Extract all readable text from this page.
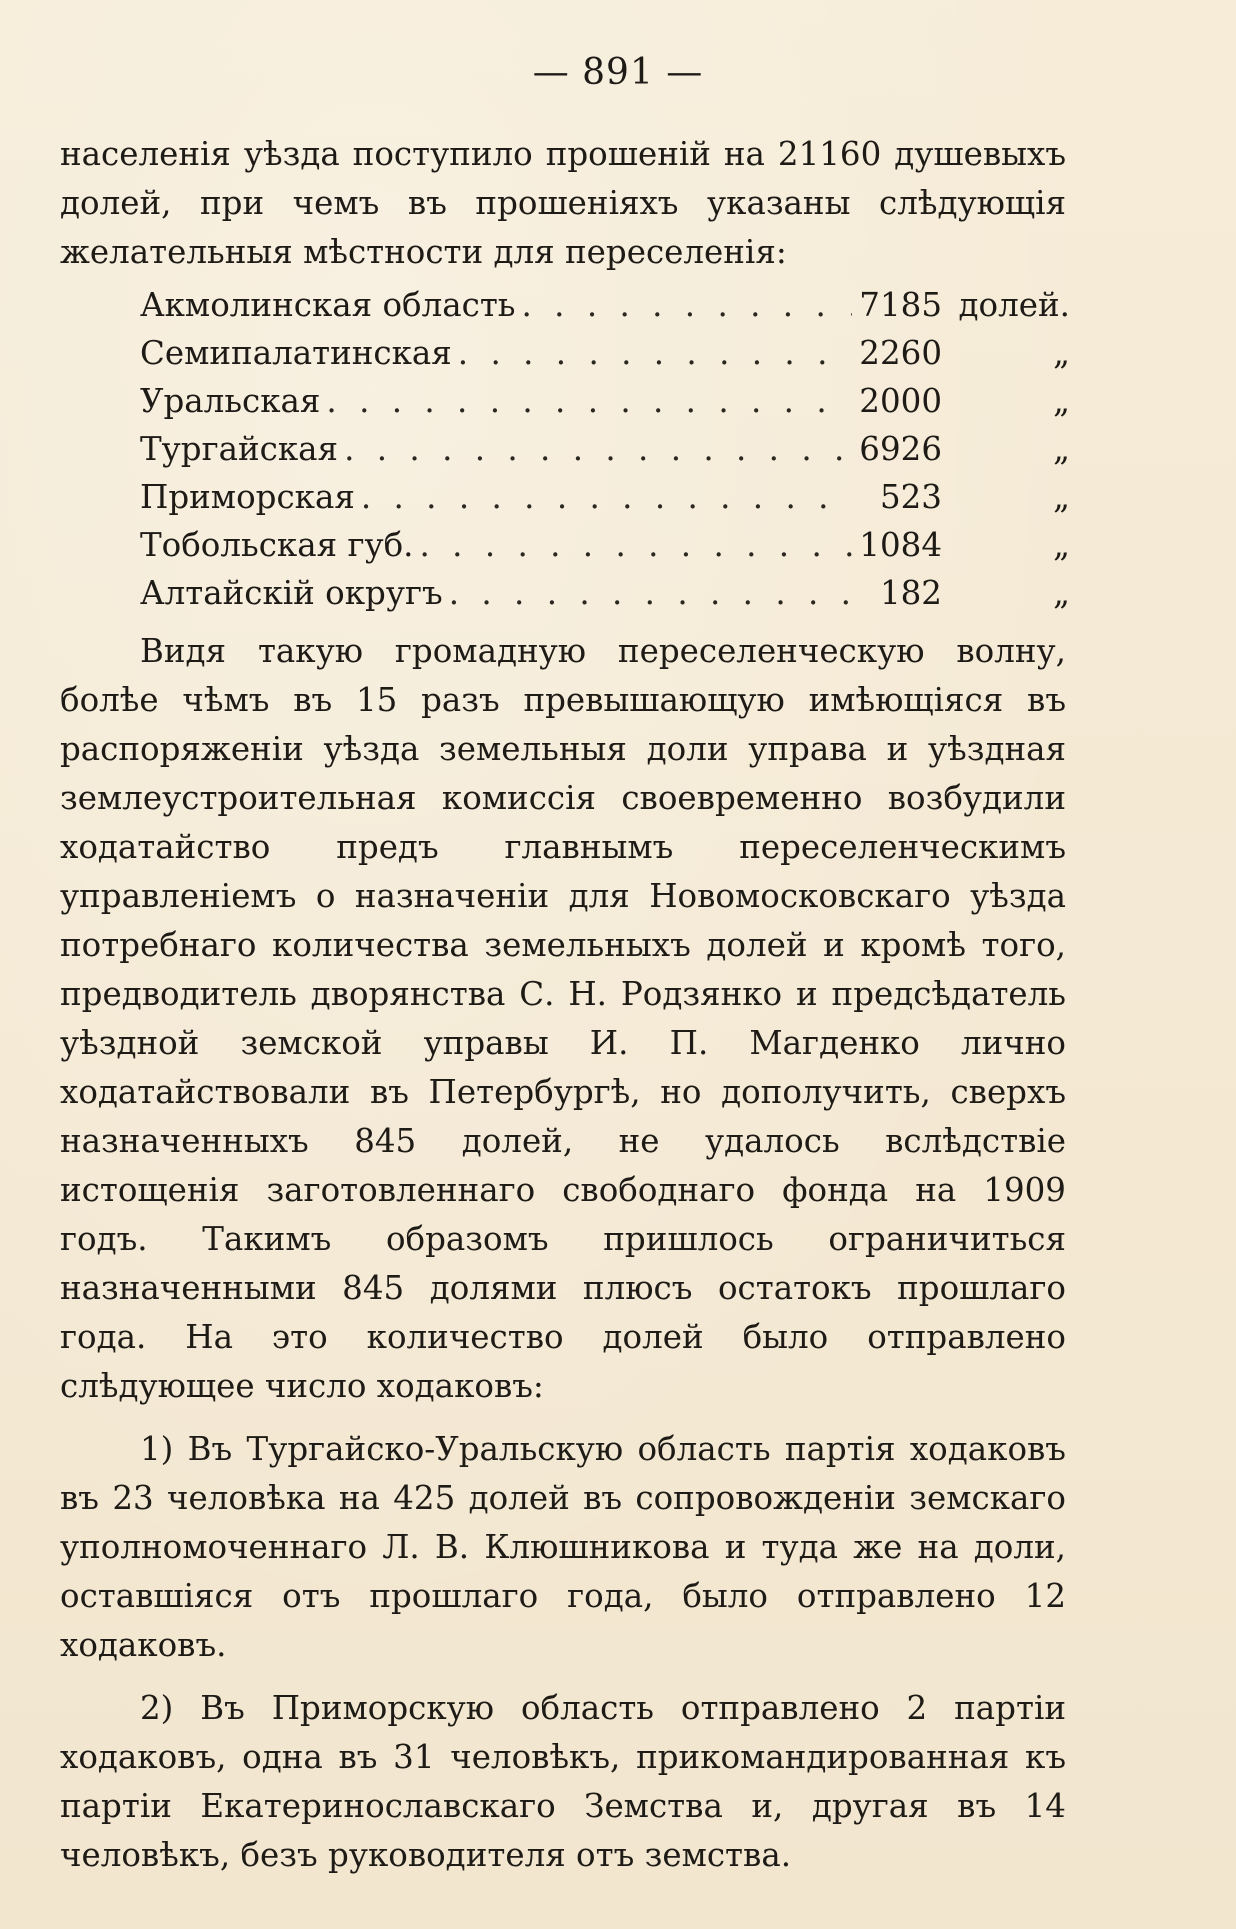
— 891 —

населенія уѣзда поступило прошеній на 21160 душевыхъ долей, при чемъ въ прошеніяхъ указаны слѣдующія желательныя мѣстности для переселенія:

Акмолинская область . . .	7185 долей.
Семипалатинская . . .	2260	„
Уральская . . .	2000	„
Тургайская . . .	6926	„
Приморская . . .	523	„
Тобольская губ. . . .	1084	„
Алтайскій округъ . . .	182	„

Видя такую громадную переселенческую волну, болѣе чѣмъ въ 15 разъ превышающую имѣющіяся въ распоряженіи уѣзда земельныя доли управа и уѣздная землеустроительная комиссія своевременно возбудили ходатайство предъ главнымъ переселенческимъ управленіемъ о назначеніи для Новомосковскаго уѣзда потребнаго количества земельныхъ долей и кромѣ того, предводитель дворянства С. Н. Родзянко и предсѣдатель уѣздной земской управы И. П. Магденко лично ходатайствовали въ Петербургѣ, но дополучить, сверхъ назначенныхъ 845 долей, не удалось вслѣдствіе истощенія заготовленнаго свободнаго фонда на 1909 годъ. Такимъ образомъ пришлось ограничиться назначенными 845 долями плюсъ остатокъ прошлаго года. На это количество долей было отправлено слѣдующее число ходаковъ:

1) Въ Тургайско-Уральскую область партія ходаковъ въ 23 человѣка на 425 долей въ сопровожденіи земскаго уполномоченнаго Л. В. Клюшникова и туда же на доли, оставшіяся отъ прошлаго года, было отправлено 12 ходаковъ.

2) Въ Приморскую область отправлено 2 партіи ходаковъ, одна въ 31 человѣкъ, прикомандированная къ партіи Екатеринославскаго Земства и, другая въ 14 человѣкъ, безъ руководителя отъ земства.
